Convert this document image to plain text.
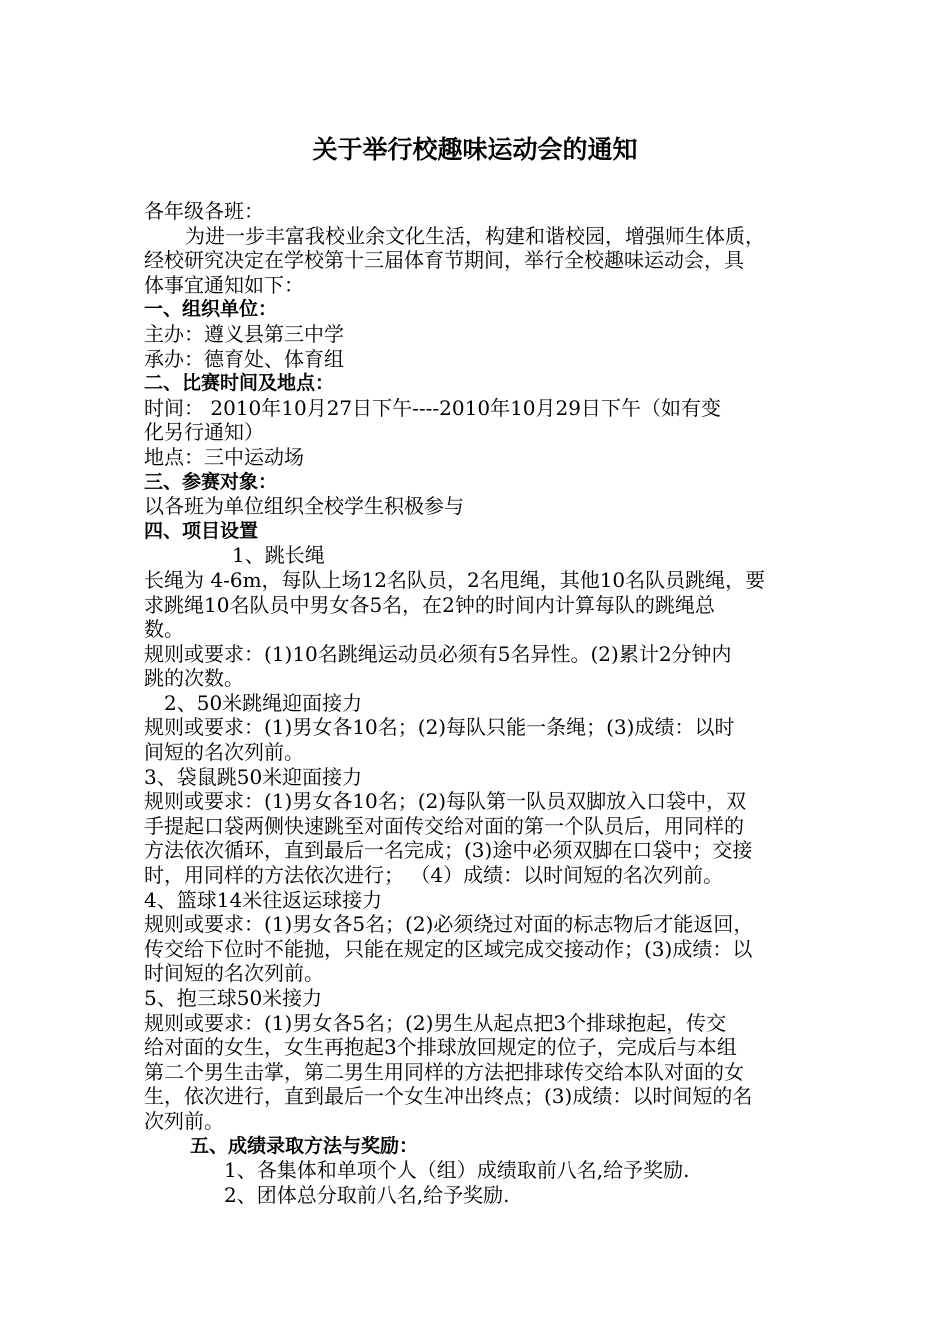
关于举行校趣味运动会的通知
各年级各班：
为进一步丰富我校业余文化生活，构建和谐校园，增强师生体质，
经校研究决定在学校第十三届体育节期间，举行全校趣味运动会，具
体事宜通知如下：
一、组织单位：
主办：遵义县第三中学
承办：德育处、体育组
二、比赛时间及地点：
时间： 2010年10月27日下午----2010年10月29日下午（如有变
化另行通知）
地点：三中运动场
三、参赛对象：
以各班为单位组织全校学生积极参与
四、项目设置
1、跳长绳
长绳为 4-6m，每队上场12名队员，2名甩绳，其他10名队员跳绳，要
求跳绳10名队员中男女各5名，在2钟的时间内计算每队的跳绳总
数。
规则或要求：(1)10名跳绳运动员必须有5名异性。(2)累计2分钟内
跳的次数。
2、50米跳绳迎面接力
规则或要求：(1)男女各10名；(2)每队只能一条绳；(3)成绩：以时
间短的名次列前。
3、袋鼠跳50米迎面接力
规则或要求：(1)男女各10名；(2)每队第一队员双脚放入口袋中，双
手提起口袋两侧快速跳至对面传交给对面的第一个队员后，用同样的
方法依次循环，直到最后一名完成；(3)途中必须双脚在口袋中；交接
时，用同样的方法依次进行； （4）成绩：以时间短的名次列前。
4、篮球14米往返运球接力
规则或要求：(1)男女各5名；(2)必须绕过对面的标志物后才能返回，
传交给下位时不能抛，只能在规定的区域完成交接动作；(3)成绩：以
时间短的名次列前。
5、抱三球50米接力
规则或要求：(1)男女各5名；(2)男生从起点把3个排球抱起，传交
给对面的女生，女生再抱起3个排球放回规定的位子，完成后与本组
第二个男生击掌，第二男生用同样的方法把排球传交给本队对面的女
生，依次进行，直到最后一个女生冲出终点；(3)成绩：以时间短的名
次列前。
五、成绩录取方法与奖励：
1、各集体和单项个人（组）成绩取前八名,给予奖励.
2、团体总分取前八名,给予奖励.
